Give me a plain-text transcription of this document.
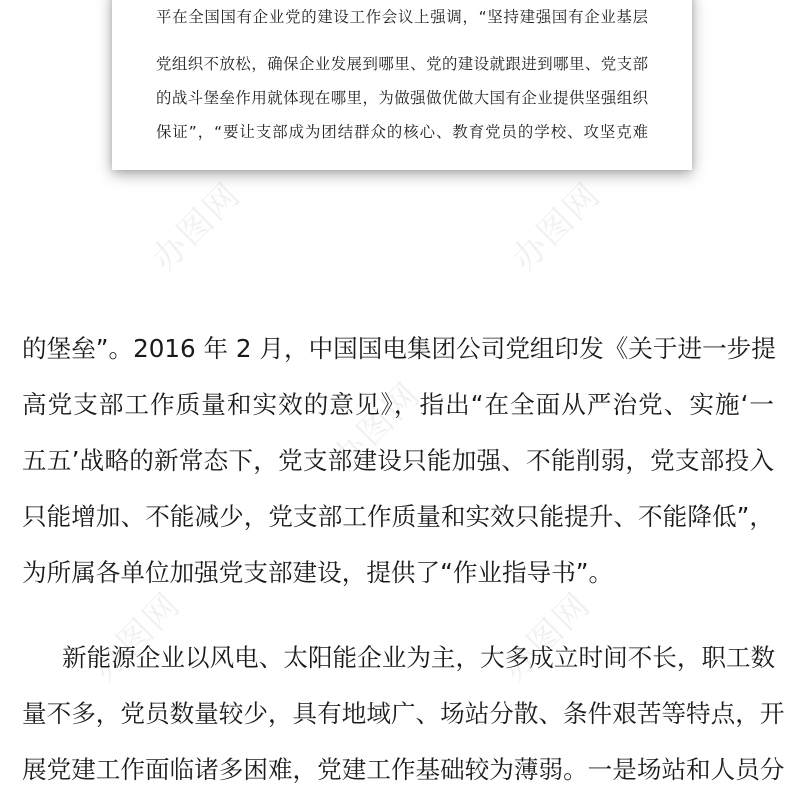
办图网	办图网
办图网
办图网	办图网
平在全国国有企业党的建设工作会议上强调，“坚持建强国有企业基层
党组织不放松，确保企业发展到哪里、党的建设就跟进到哪里、党支部
的战斗堡垒作用就体现在哪里，为做强做优做大国有企业提供坚强组织
保证”，“要让支部成为团结群众的核心、教育党员的学校、攻坚克难
的堡垒”。2016 年 2 月，中国国电集团公司党组印发《关于进一步提
高党支部工作质量和实效的意见》，指出“在全面从严治党、实施‘一
五五’战略的新常态下，党支部建设只能加强、不能削弱，党支部投入
只能增加、不能减少，党支部工作质量和实效只能提升、不能降低”，
为所属各单位加强党支部建设，提供了“作业指导书”。
新能源企业以风电、太阳能企业为主，大多成立时间不长，职工数
量不多，党员数量较少，具有地域广、场站分散、条件艰苦等特点，开
展党建工作面临诸多困难，党建工作基础较为薄弱。一是场站和人员分
